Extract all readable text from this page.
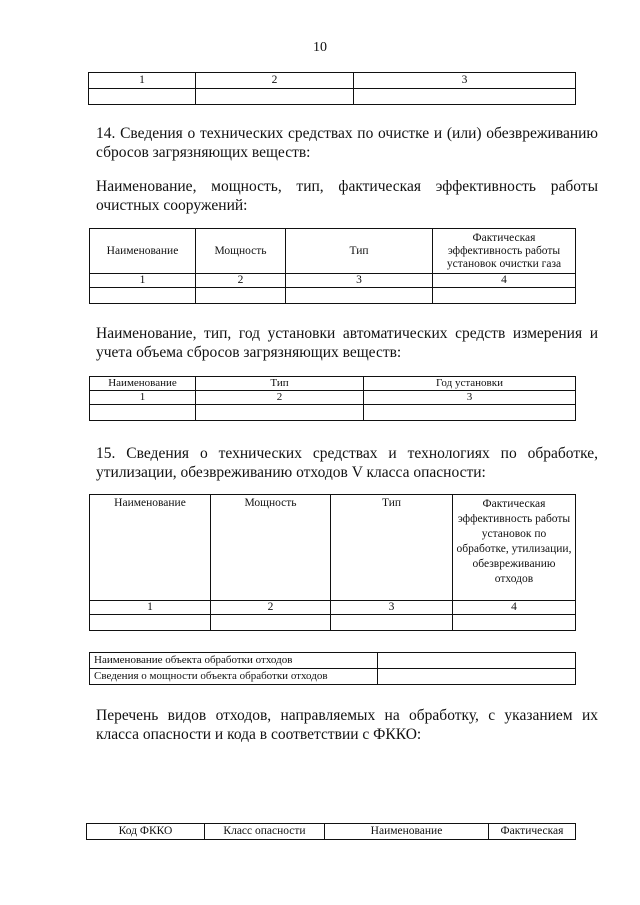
10
1	2	3

14. Сведения о технических средствах по очистке и (или) обезвреживанию сбросов загрязняющих веществ:
Наименование, мощность, тип, фактическая эффективность работы очистных сооружений:
Наименование	Мощность	Тип	Фактическая эффективность работы установок очистки газа
1	2	3	4

Наименование, тип, год установки автоматических средств измерения и учета объема сбросов загрязняющих веществ:
Наименование	Тип	Год установки
1	2	3

15. Сведения о технических средствах и технологиях по обработке, утилизации, обезвреживанию отходов V класса опасности:
Наименование	Мощность	Тип	Фактическая эффективность работы установок по обработке, утилизации, обезвреживанию отходов
1	2	3	4

Наименование объекта обработки отходов	
Сведения о мощности объекта обработки отходов	
Перечень видов отходов, направляемых на обработку, с указанием их класса опасности и кода в соответствии с ФККО:
Код ФККО	Класс опасности	Наименование	Фактическая
